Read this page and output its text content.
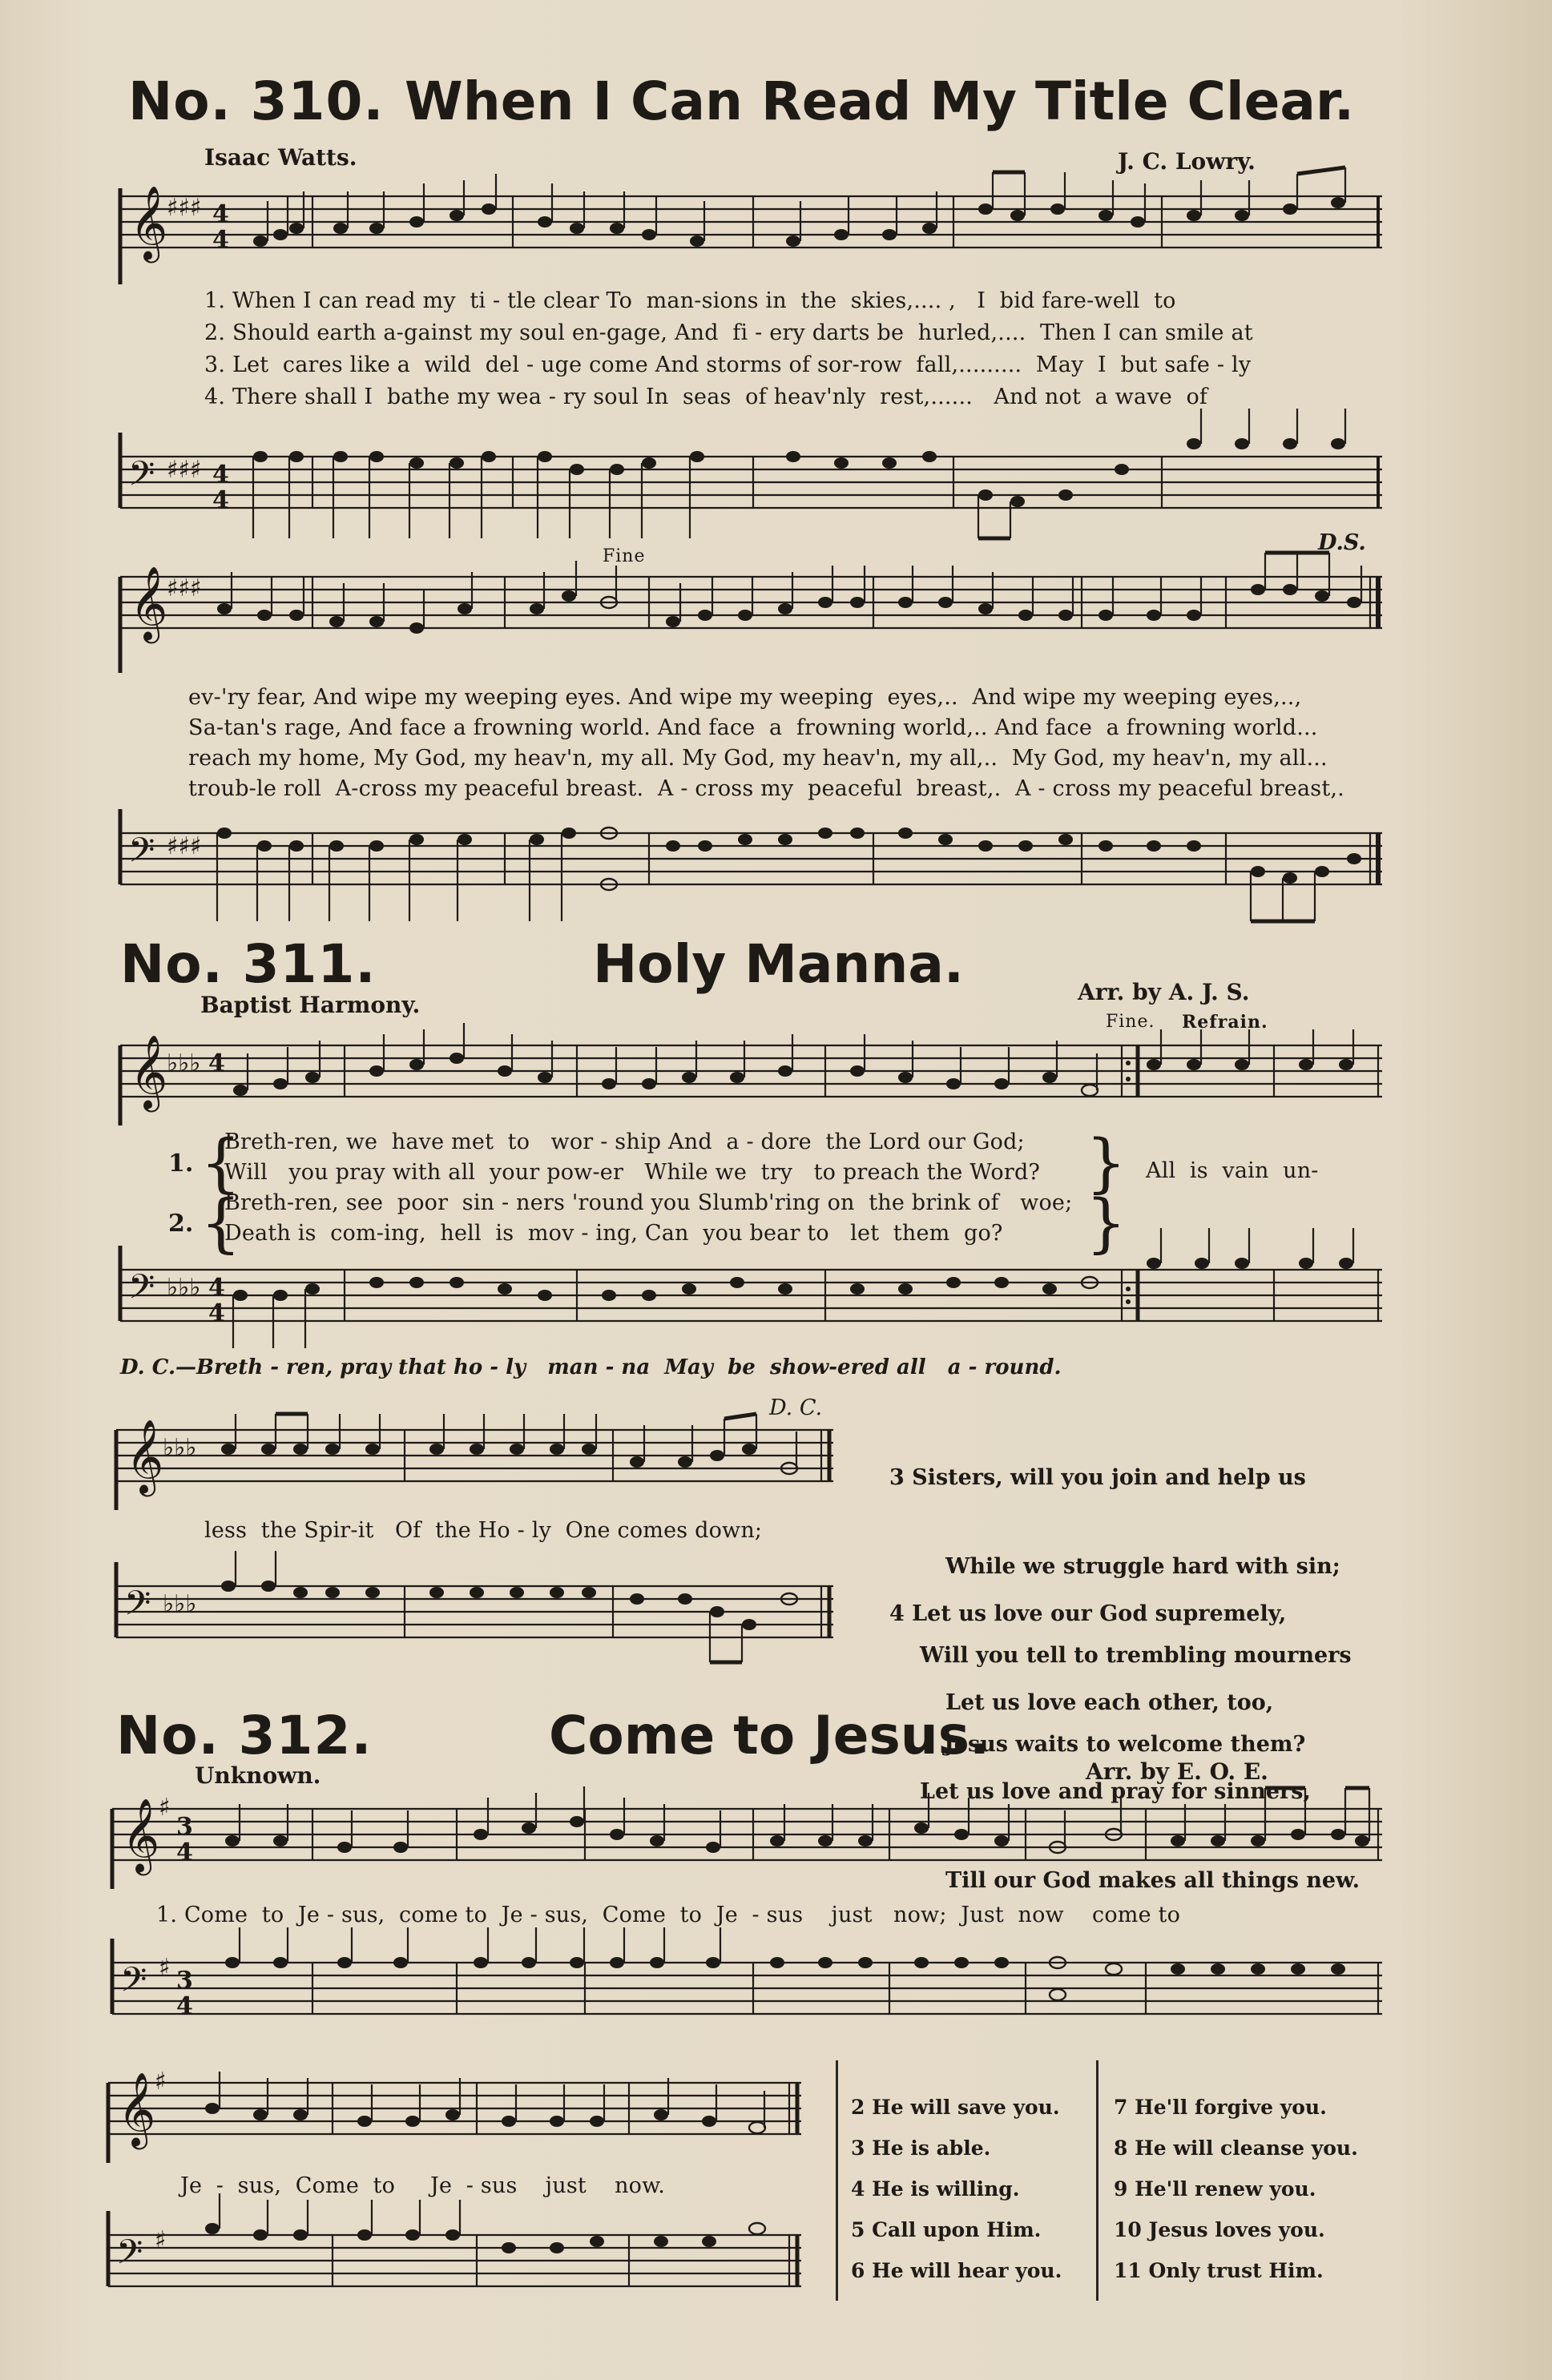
No. 310. When I Can Read My Title Clear.
Isaac Watts.	J. C. Lowry.
𝄞
♯♯♯ 4
4
1. When I can read my  ti - tle clear To  man-sions in  the  skies,.... ,   I  bid fare-well  to
2. Should earth a-gainst my soul en-gage, And  fi - ery darts be  hurled,....  Then I can smile at
3. Let  cares like a  wild  del - uge come And storms of sor-row  fall,.........  May  I  but safe - ly
4. There shall I  bathe my wea - ry soul In  seas  of heav'nly  rest,......   And not  a wave  of
𝄢 ♯♯♯ 4
4
Fine
D.S.
𝄞
♯♯♯
ev-'ry fear, And wipe my weeping eyes. And wipe my weeping  eyes,..  And wipe my weeping eyes,..,
Sa-tan's rage, And face a frowning world. And face  a  frowning world,.. And face  a frowning world...
reach my home, My God, my heav'n, my all. My God, my heav'n, my all,..  My God, my heav'n, my all...
troub-le roll  A-cross my peaceful breast.  A - cross my  peaceful  breast,.  A - cross my peaceful breast,.
𝄢 ♯♯♯
No. 311.	Holy Manna.
Baptist Harmony.	Arr. by A. J. S.
Fine. Refrain.
𝄞
♭♭♭ 4
1.
2.
{
{
}
}
Breth-ren, we  have met  to   wor - ship And  a - dore  the Lord our God;
Will   you pray with all  your pow-er   While we  try   to preach the Word?
Breth-ren, see  poor  sin - ners 'round you Slumb'ring on  the brink of   woe;
Death is  com-ing,  hell  is  mov - ing, Can  you bear to   let  them  go?
All  is  vain  un-
𝄢 ♭♭♭ 4
4
D. C.—Breth - ren, pray that ho - ly   man - na  May  be  show-ered all   a - round.
D. C.
𝄞
♭♭♭
less  the Spir-it   Of  the Ho - ly  One comes down;
𝄢 ♭♭♭

3 Sisters, will you join and help us

While we struggle hard with sin;

Will you tell to trembling mourners

Jesus waits to welcome them?

4 Let us love our God supremely,

Let us love each other, too,

Let us love and pray for sinners,

Till our God makes all things new.

No. 312.	Come to Jesus.
Unknown.	Arr. by E. O. E.
𝄞
♯
3
4
1. Come  to  Je - sus,  come to  Je - sus,  Come  to  Je  - sus    just   now;  Just  now    come to
𝄢 ♯ 3
4
𝄞
♯
Je  -  sus,  Come  to     Je  - sus    just    now.
𝄢 ♯
2 He will save you.
3 He is able.
4 He is willing.
5 Call upon Him.
6 He will hear you.
7 He'll forgive you.
8 He will cleanse you.
9 He'll renew you.
10 Jesus loves you.
11 Only trust Him.
